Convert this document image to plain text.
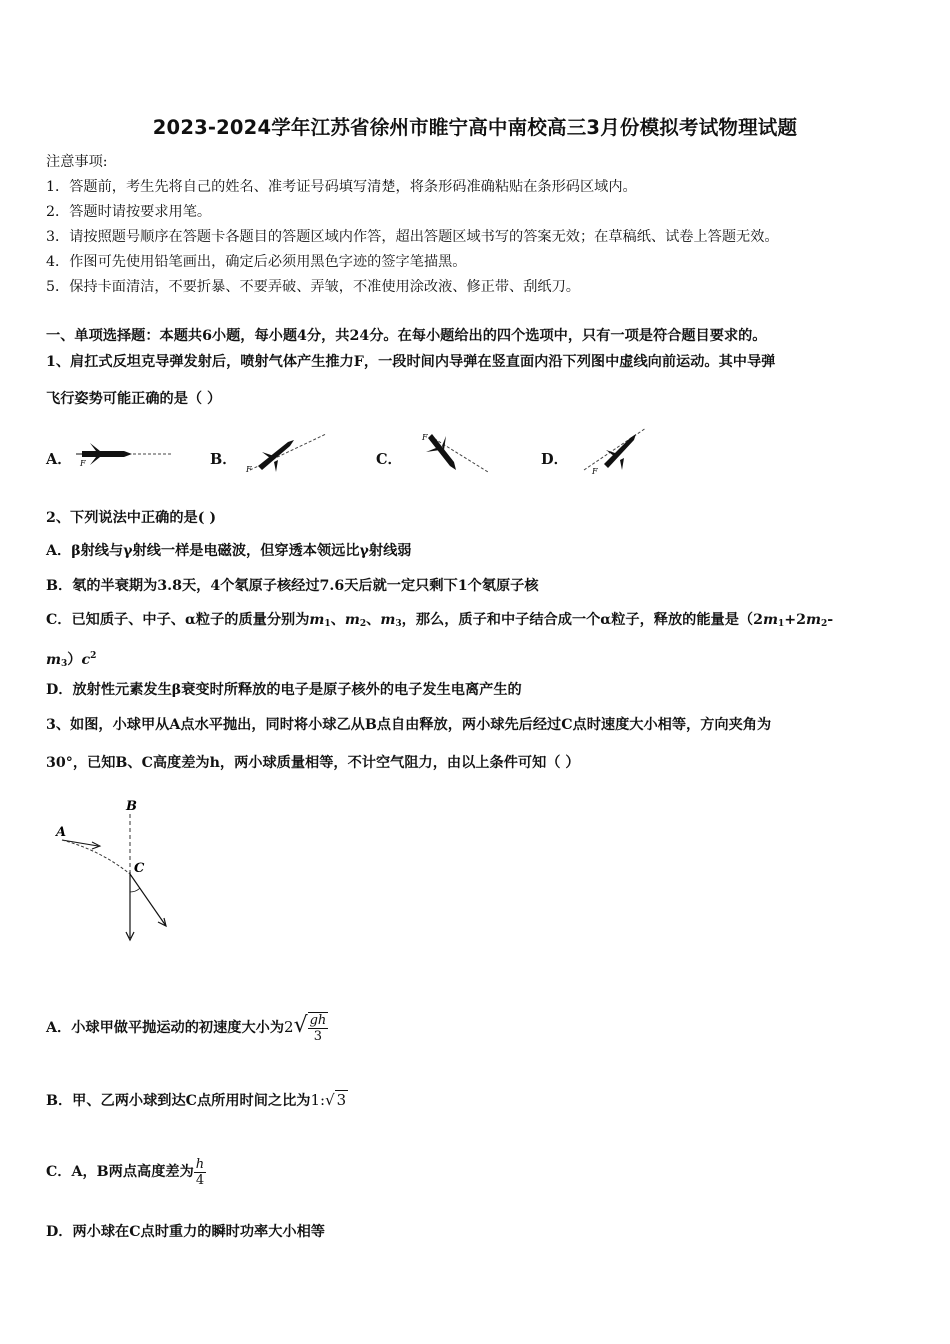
2023-2024学年江苏省徐州市睢宁高中南校高三3月份模拟考试物理试题
注意事项:
1．答题前，考生先将自己的姓名、准考证号码填写清楚，将条形码准确粘贴在条形码区域内。
2．答题时请按要求用笔。
3．请按照题号顺序在答题卡各题目的答题区域内作答，超出答题区域书写的答案无效；在草稿纸、试卷上答题无效。
4．作图可先使用铅笔画出，确定后必须用黑色字迹的签字笔描黑。
5．保持卡面清洁，不要折暴、不要弄破、弄皱，不准使用涂改液、修正带、刮纸刀。
一、单项选择题：本题共6小题，每小题4分，共24分。在每小题给出的四个选项中，只有一项是符合题目要求的。
1、肩扛式反坦克导弹发射后，喷射气体产生推力F，一段时间内导弹在竖直面内沿下列图中虚线向前运动。其中导弹
飞行姿势可能正确的是（ ）
A． F	B．
F
C．
F
D．
F
2、下列说法中正确的是( )
A．β射线与γ射线一样是电磁波，但穿透本领远比γ射线弱
B．氡的半衰期为3.8天，4个氡原子核经过7.6天后就一定只剩下1个氡原子核
C．已知质子、中子、α粒子的质量分别为$m_1$、$m_2$、$m_3$，那么，质子和中子结合成一个α粒子，释放的能量是（$2m_1+2m_2-$
$m_3)c^2$
D．放射性元素发生β衰变时所释放的电子是原子核外的电子发生电离产生的
3、如图，小球甲从A点水平抛出，同时将小球乙从B点自由释放，两小球先后经过C点时速度大小相等，方向夹角为
30°，已知B、C高度差为h，两小球质量相等，不计空气阻力，由以上条件可知（ ）
A
B
C
A．小球甲做平抛运动的初速度大小为$2√ \frac{gh}{3}$
B．甲、乙两小球到达C点所用时间之比为1:√ 3
C．A，B两点高度差为 $\frac{h}{4}$
D．两小球在C点时重力的瞬时功率大小相等
